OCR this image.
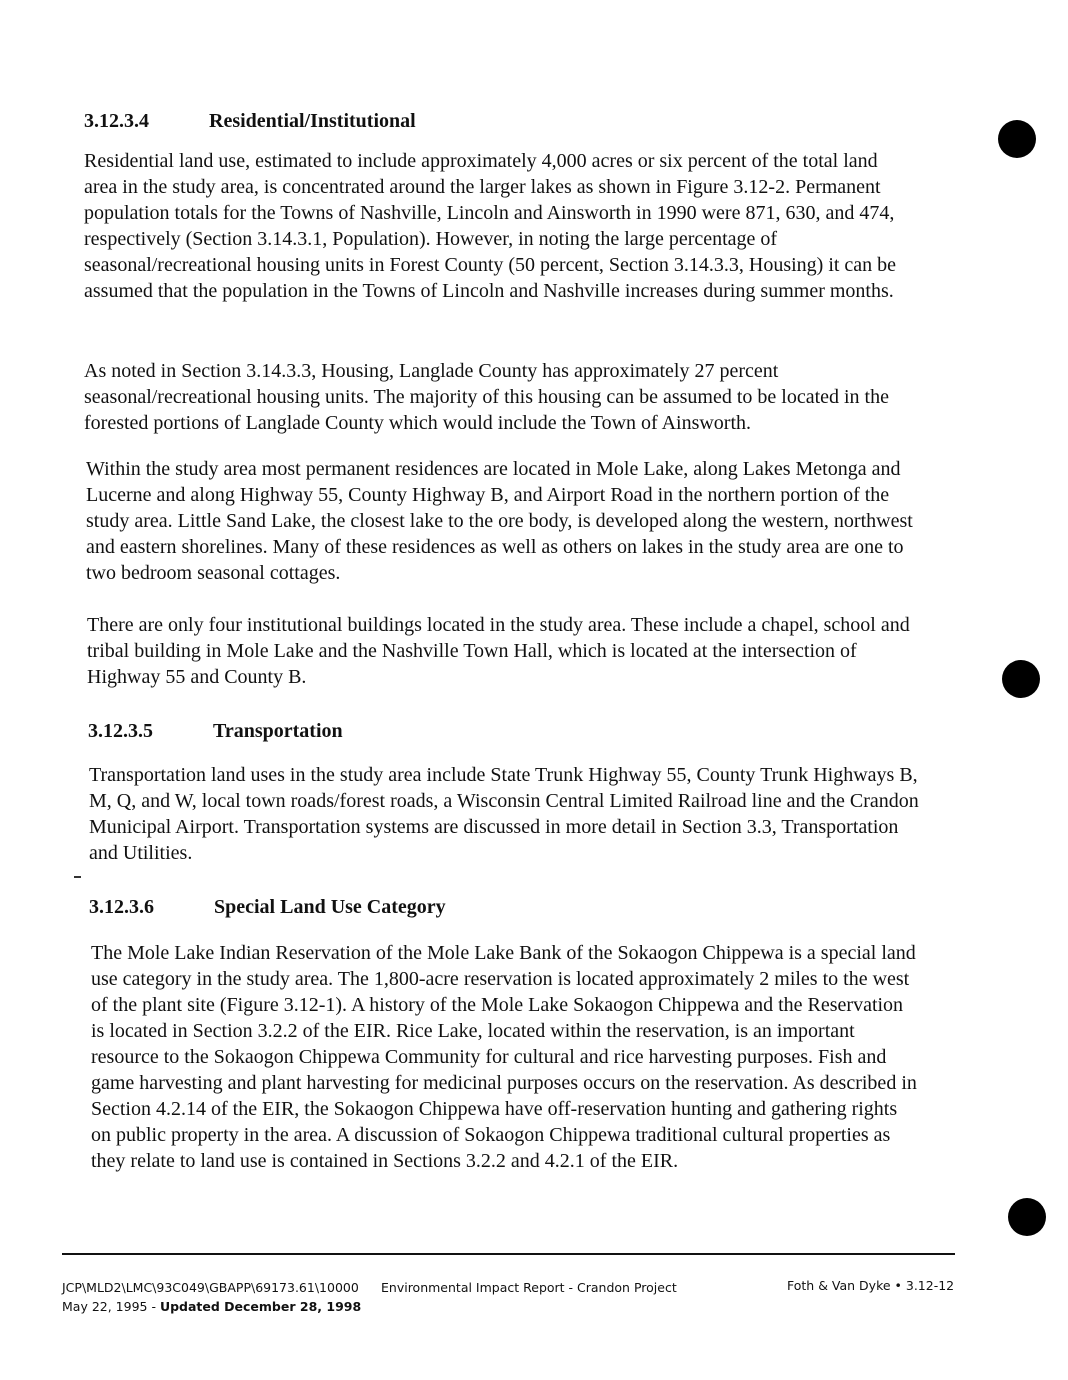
3.12.3.4	Residential/Institutional

Residential land use, estimated to include approximately 4,000 acres or six percent of the total land area in the study area, is concentrated around the larger lakes as shown in Figure 3.12-2. Permanent population totals for the Towns of Nashville, Lincoln and Ainsworth in 1990 were 871, 630, and 474, respectively (Section 3.14.3.1, Population). However, in noting the large percentage of seasonal/recreational housing units in Forest County (50 percent, Section 3.14.3.3, Housing) it can be assumed that the population in the Towns of Lincoln and Nashville increases during summer months.

As noted in Section 3.14.3.3, Housing, Langlade County has approximately 27 percent seasonal/recreational housing units. The majority of this housing can be assumed to be located in the forested portions of Langlade County which would include the Town of Ainsworth.

Within the study area most permanent residences are located in Mole Lake, along Lakes Metonga and Lucerne and along Highway 55, County Highway B, and Airport Road in the northern portion of the study area. Little Sand Lake, the closest lake to the ore body, is developed along the western, northwest and eastern shorelines. Many of these residences as well as others on lakes in the study area are one to two bedroom seasonal cottages.

There are only four institutional buildings located in the study area. These include a chapel, school and tribal building in Mole Lake and the Nashville Town Hall, which is located at the intersection of Highway 55 and County B.

3.12.3.5	Transportation

Transportation land uses in the study area include State Trunk Highway 55, County Trunk Highways B, M, Q, and W, local town roads/forest roads, a Wisconsin Central Limited Railroad line and the Crandon Municipal Airport. Transportation systems are discussed in more detail in Section 3.3, Transportation and Utilities.

3.12.3.6	Special Land Use Category

The Mole Lake Indian Reservation of the Mole Lake Bank of the Sokaogon Chippewa is a special land use category in the study area. The 1,800-acre reservation is located approximately 2 miles to the west of the plant site (Figure 3.12-1). A history of the Mole Lake Sokaogon Chippewa and the Reservation is located in Section 3.2.2 of the EIR. Rice Lake, located within the reservation, is an important resource to the Sokaogon Chippewa Community for cultural and rice harvesting purposes. Fish and game harvesting and plant harvesting for medicinal purposes occurs on the reservation. As described in Section 4.2.14 of the EIR, the Sokaogon Chippewa have off-reservation hunting and gathering rights on public property in the area. A discussion of Sokaogon Chippewa traditional cultural properties as they relate to land use is contained in Sections 3.2.2 and 4.2.1 of the EIR.

JCP\MLD2\LMC\93C049\GBAPP\69173.61\10000 Environmental Impact Report - Crandon Project	Foth & Van Dyke • 3.12-12
May 22, 1995 - Updated December 28, 1998
